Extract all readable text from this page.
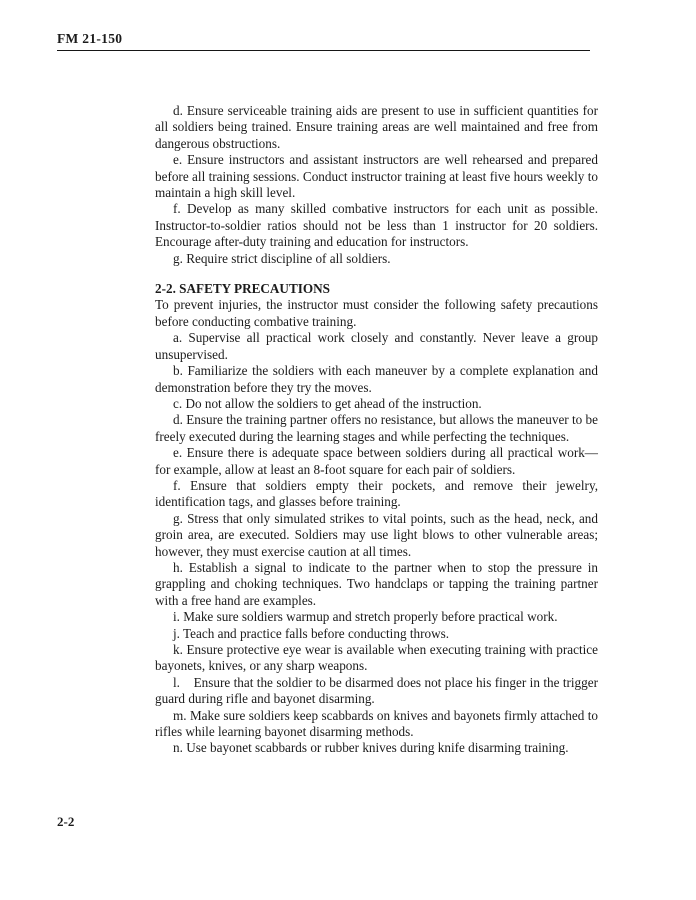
FM 21-150

d. Ensure serviceable training aids are present to use in sufficient quantities for all soldiers being trained. Ensure training areas are well maintained and free from dangerous obstructions.

e. Ensure instructors and assistant instructors are well rehearsed and prepared before all training sessions. Conduct instructor training at least five hours weekly to maintain a high skill level.

f. Develop as many skilled combative instructors for each unit as possible. Instructor-to-soldier ratios should not be less than 1 instructor for 20 soldiers. Encourage after-duty training and education for instructors.

g. Require strict discipline of all soldiers.

2-2. SAFETY PRECAUTIONS

To prevent injuries, the instructor must consider the following safety precautions before conducting combative training.

a. Supervise all practical work closely and constantly. Never leave a group unsupervised.

b. Familiarize the soldiers with each maneuver by a complete explanation and demonstration before they try the moves.

c. Do not allow the soldiers to get ahead of the instruction.

d. Ensure the training partner offers no resistance, but allows the maneuver to be freely executed during the learning stages and while perfecting the techniques.

e. Ensure there is adequate space between soldiers during all practical work—for example, allow at least an 8-foot square for each pair of soldiers.

f. Ensure that soldiers empty their pockets, and remove their jewelry, identification tags, and glasses before training.

g. Stress that only simulated strikes to vital points, such as the head, neck, and groin area, are executed. Soldiers may use light blows to other vulnerable areas; however, they must exercise caution at all times.

h. Establish a signal to indicate to the partner when to stop the pressure in grappling and choking techniques. Two handclaps or tapping the training partner with a free hand are examples.

i. Make sure soldiers warmup and stretch properly before practical work.

j. Teach and practice falls before conducting throws.

k. Ensure protective eye wear is available when executing training with practice bayonets, knives, or any sharp weapons.

l.    Ensure that the soldier to be disarmed does not place his finger in the trigger guard during rifle and bayonet disarming.

m. Make sure soldiers keep scabbards on knives and bayonets firmly attached to rifles while learning bayonet disarming methods.

n. Use bayonet scabbards or rubber knives during knife disarming training.

2-2
